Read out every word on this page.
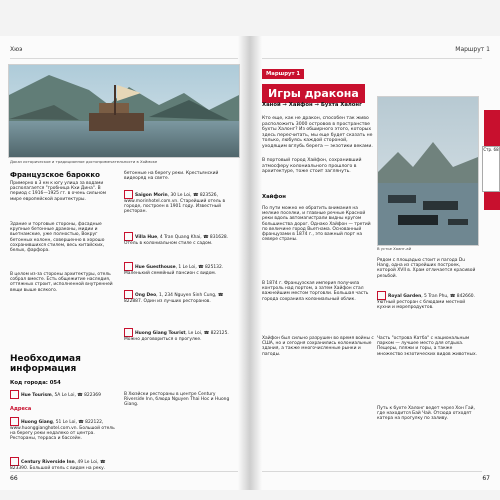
Хюэ
Доказ историческое и традиционное достопримечательности в Хоймоке
Французское барокко
Примерно в 3 км к югу улица за водами располагается "гробница Кхи Дина". В период с 1916—1925 гг. в очень сильном мире европейской архитектуры.
Здание и торговые стороны, фасадные крупные бетонные драконы, мидии и вьетнамские, уже полностью, Вокруг бетонных колонн, совершенно в хорошо сохранившихся стилем, весь китайских, белых, фарфора.
В целом из-за стороны архитектуры, отель собрал вместе. Есть общежитие наследия, оттяжных строит, исполненной внутренней вещи выше всякого.
Необходимая информация
Код города: 054
Hue Tourism, 5A Le Loi, ☎ 822369
Адреса
Huong Giang, 51 Le Loi, ☎ 822122, www.huonggianghotel.com.vn. Большой отель на берегу реки недалеко от центра. Рестораны, терраса и бассейн.
Century Riverside Inn, 49 Le Loi, ☎ 823390. Большой отель с видом на реку.
бетонные на берегу реки. Крестьянский видеоряд на свете.
Saigon Morin, 30 Le Loi, ☎ 823526, www.morinhotel.com.vn. Старейший отель в городе, построен в 1901 году. Известный ресторан.
Villa Hue, 4 Tran Quang Khai, ☎ 831628. Отель в колониальном стиле с садом.
Hue Guesthouse, 1 Le Loi, ☎ 825132. Маленький семейный пансион с видом.
Ong Deo, 1, 234 Nguyen Sinh Cung, ☎ 822887. Один из лучших ресторанов.
Huong Giang Tourist, Le Loi, ☎ 822125. Можно договориться о прогулке.
В Хюэйски рестораны в центре Century Riverside Inn, блюда Nguyen Thai Hoc и Huong Giang.
66
Маршрут 1
Маршрут 1
Игры дракона
Ханой → Хайфон → Бухта Халонг
Кто еще, как не дракон, способен так живо расположить 3000 островов в пространстве бухты Халонг? Из обширного этого, которых здесь пересчитать, мы еще будет сказать не только, любуясь каждой стороной, уходящим вглубь берега — экзотики веками.
В портовый город Хайфон, сохранивший атмосферу колониального прошлого в архитектуре, тоже стоит заглянуть.
В устье Хоанг-ай
Хайфон
По пути можно не обратить внимания на мелкие поселки, и главные речные Красной реки вдоль автомагистрали видны кругом большинства дорог. Однако Хайфон — третий по величине город Вьетнама. Основанный французами в 1874 г., это важный порт на севере страны.
В 1874 г. Французская империя получила контроль над портом, а затем Хайфон стал важнейшим местом торговли. Большая часть города сохранила колониальный облик.
Хайфон был сильно разрушен во время войны с США, но и сегодня сохранились колониальные здания, а также многочисленные рынки и пагоды.
Рядом с площадью стоит и пагода Du Hang, одна из старейших построек, которой XVII в. Храм отличается красивой резьбой.
Royal Garden, 5 Tran Phu, ☎ 842660. Уютный ресторан с блюдами местной кухни и морепродуктов.
Часть "острова Катба" с национальным парком — лучшее место для отдыха. Пещеры, пляжи и горы, а также множество экзотических видов животных.
Путь к бухте Халонг ведет через Хон Гай, где находится Бай Чай. Отсюда отходят катера на прогулку по заливу.
Стр. 68
67
